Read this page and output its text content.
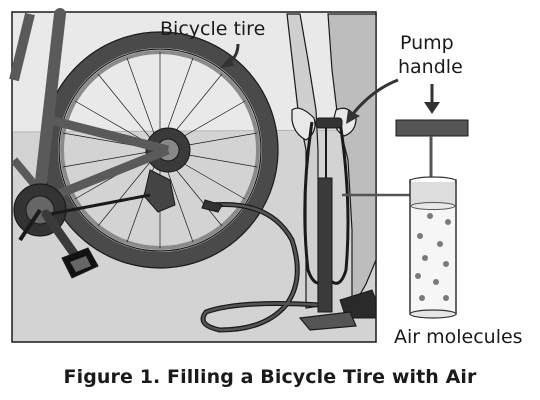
Bicycle tire
Pump
handle
Air molecules
Figure 1. Filling a Bicycle Tire with Air
